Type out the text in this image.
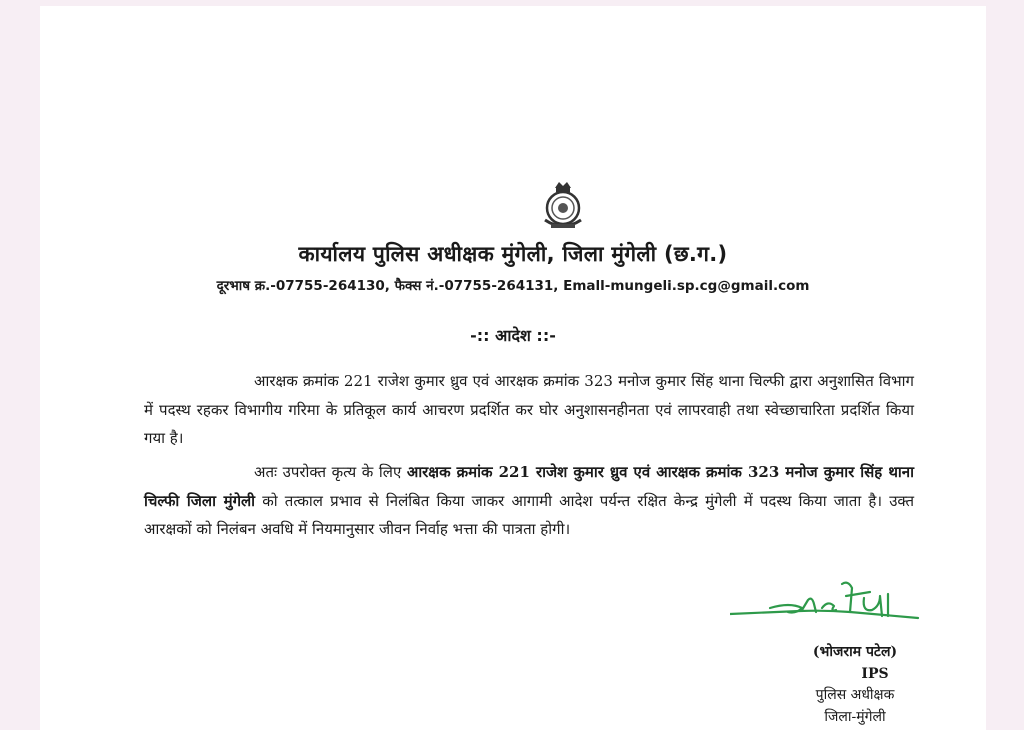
कार्यालय पुलिस अधीक्षक मुंगेली, जिला मुंगेली (छ.ग.)
दूरभाष क्र.-07755-264130, फैक्स नं.-07755-264131, Emall-mungeli.sp.cg@gmail.com
-:: आदेश ::-
आरक्षक क्रमांक 221 राजेश कुमार ध्रुव एवं आरक्षक क्रमांक 323 मनोज कुमार सिंह थाना चिल्फी द्वारा अनुशासित विभाग में पदस्थ रहकर विभागीय गरिमा के प्रतिकूल कार्य आचरण प्रदर्शित कर घोर अनुशासनहीनता एवं लापरवाही तथा स्वेच्छाचारिता प्रदर्शित किया गया है।
अतः उपरोक्त कृत्य के लिए आरक्षक क्रमांक 221 राजेश कुमार ध्रुव एवं आरक्षक क्रमांक 323 मनोज कुमार सिंह थाना चिल्फी जिला मुंगेली को तत्काल प्रभाव से निलंबित किया जाकर आगामी आदेश पर्यन्त रक्षित केन्द्र मुंगेली में पदस्थ किया जाता है। उक्त आरक्षकों को निलंबन अवधि में नियमानुसार जीवन निर्वाह भत्ता की पात्रता होगी।
(भोजराम पटेल)
IPS
पुलिस अधीक्षक
जिला-मुंगेली
